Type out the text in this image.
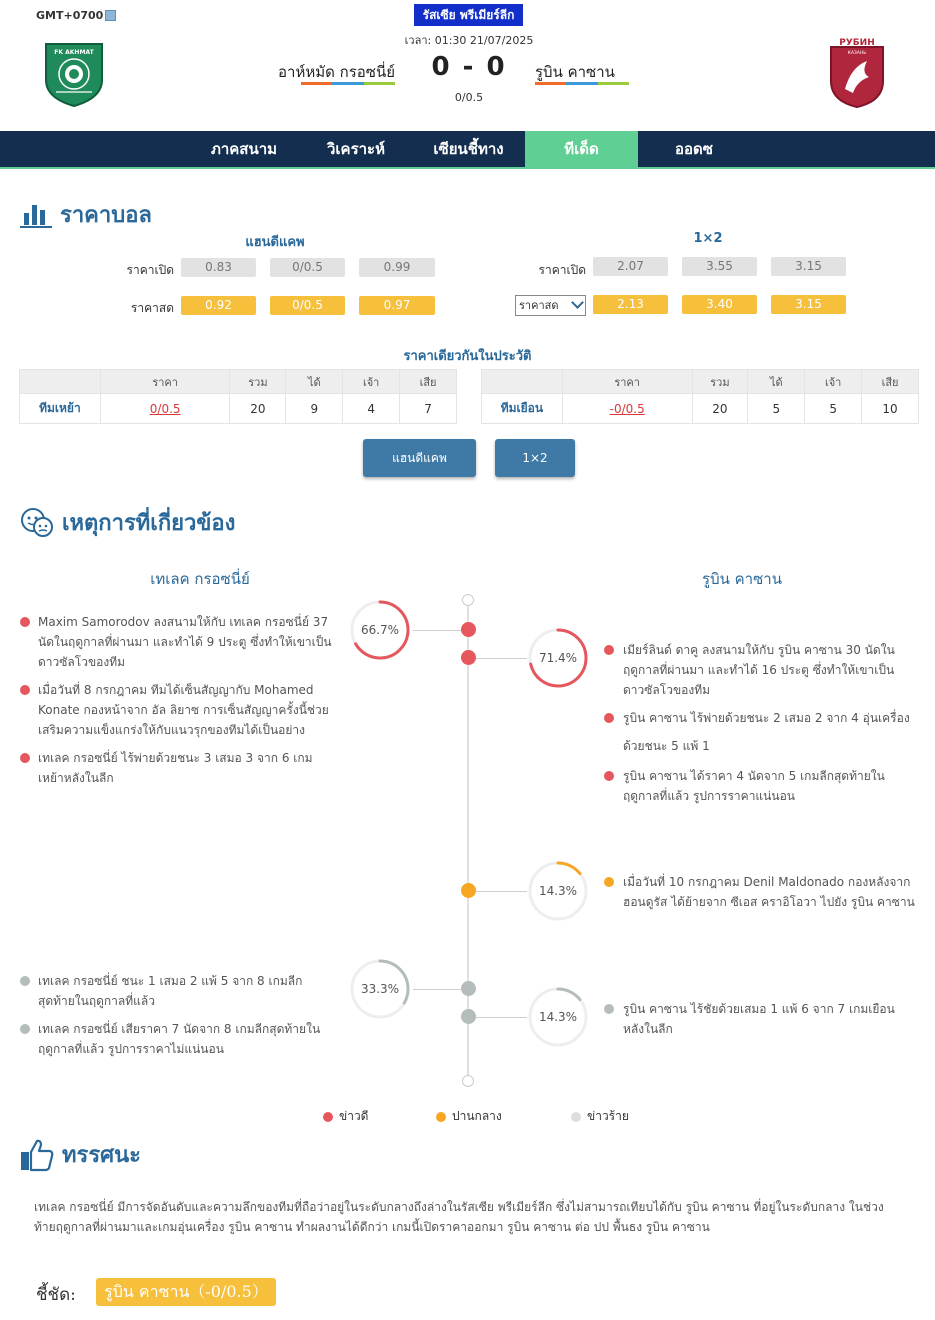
GMT+0700	รัสเซีย พรีเมียร์ลีก
เวลา: 01:30 21/07/2025
FK AKHMAT
РУБИН
КАЗАНЬ
อาห์หมัด กรอซนี่ย์	0 - 0
0/0.5
รูบิน คาซาน
ภาคสนาม	วิเคราะห์	เซียนชี้ทาง	ทีเด็ด	ออดซ
ราคาบอล
แฮนดีแคพ	1×2
ราคาเปิด	0.83	0/0.5	0.99
ราคาสด	0.92	0/0.5	0.97
ราคาเปิด	2.07	3.55	3.15
ราคาสด	2.13	3.40	3.15
ราคาเดียวกันในประวัติ
	ราคา	รวม	ได้	เจ้า	เสีย
ทีมเหย้า	0/0.5	20	9	4	7
	ราคา	รวม	ได้	เจ้า	เสีย
ทีมเยือน	-0/0.5	20	5	5	10
แฮนดีแคพ	1×2
เหตุการที่เกี่ยวข้อง
เทเลค กรอซนี่ย์	รูบิน คาซาน
66.7%
71.4%
Maxim Samorodov ลงสนามให้กับ เทเลค กรอซนี่ย์ 37 นัดในฤดูกาลที่ผ่านมา และทำได้ 9 ประตู ซึ่งทำให้เขาเป็นดาวซัลโวของทีม
เมื่อวันที่ 8 กรกฎาคม ทีมได้เซ็นสัญญากับ Mohamed Konate กองหน้าจาก อัล ลิยาซ การเซ็นสัญญาครั้งนี้ช่วยเสริมความแข็งแกร่งให้กับแนวรุกของทีมได้เป็นอย่าง
เทเลค กรอซนี่ย์ ไร้พ่ายด้วยชนะ 3 เสมอ 3 จาก 6 เกมเหย้าหลังในลีก
เมียร์ลินด์ ดาคู ลงสนามให้กับ รูบิน คาซาน 30 นัดในฤดูกาลที่ผ่านมา และทำได้ 16 ประตู ซึ่งทำให้เขาเป็นดาวซัลโวของทีม
รูบิน คาซาน ไร้พ่ายด้วยชนะ 2 เสมอ 2 จาก 4 อุ่นเครื่อง
ด้วยชนะ 5 แพ้ 1
รูบิน คาซาน ได้ราคา 4 นัดจาก 5 เกมลีกสุดท้ายในฤดูกาลที่แล้ว รูปการราคาแน่นอน
14.3%
เมื่อวันที่ 10 กรกฎาคม Denil Maldonado กองหลังจาก ฮอนดูรัส ได้ย้ายจาก ซีเอส คราอิโอวา ไปยัง รูบิน คาซาน
33.3%
เทเลค กรอซนี่ย์ ชนะ 1 เสมอ 2 แพ้ 5 จาก 8 เกมลีกสุดท้ายในฤดูกาลที่แล้ว
เทเลค กรอซนี่ย์ เสียราคา 7 นัดจาก 8 เกมลีกสุดท้ายในฤดูกาลที่แล้ว รูปการราคาไม่แน่นอน
14.3%
รูบิน คาซาน ไร้ชัยด้วยเสมอ 1 แพ้ 6 จาก 7 เกมเยือนหลังในลีก
ข่าวดี	ปานกลาง	ข่าวร้าย
ทรรศนะ
เทเลค กรอซนี่ย์ มีการจัดอันดับและความลึกของทีมที่ถือว่าอยู่ในระดับกลางถึงล่างในรัสเซีย พรีเมียร์ลีก ซึ่งไม่สามารถเทียบได้กับ รูบิน คาซาน ที่อยู่ในระดับกลาง ในช่วงท้ายฤดูกาลที่ผ่านมาและเกมอุ่นเครื่อง รูบิน คาซาน ทำผลงานได้ดีกว่า เกมนี้เปิดราคาออกมา รูบิน คาซาน ต่อ ปป พื้นธง รูบิน คาซาน
ชี้ชัด:	รูบิน คาซาน（-0/0.5）
